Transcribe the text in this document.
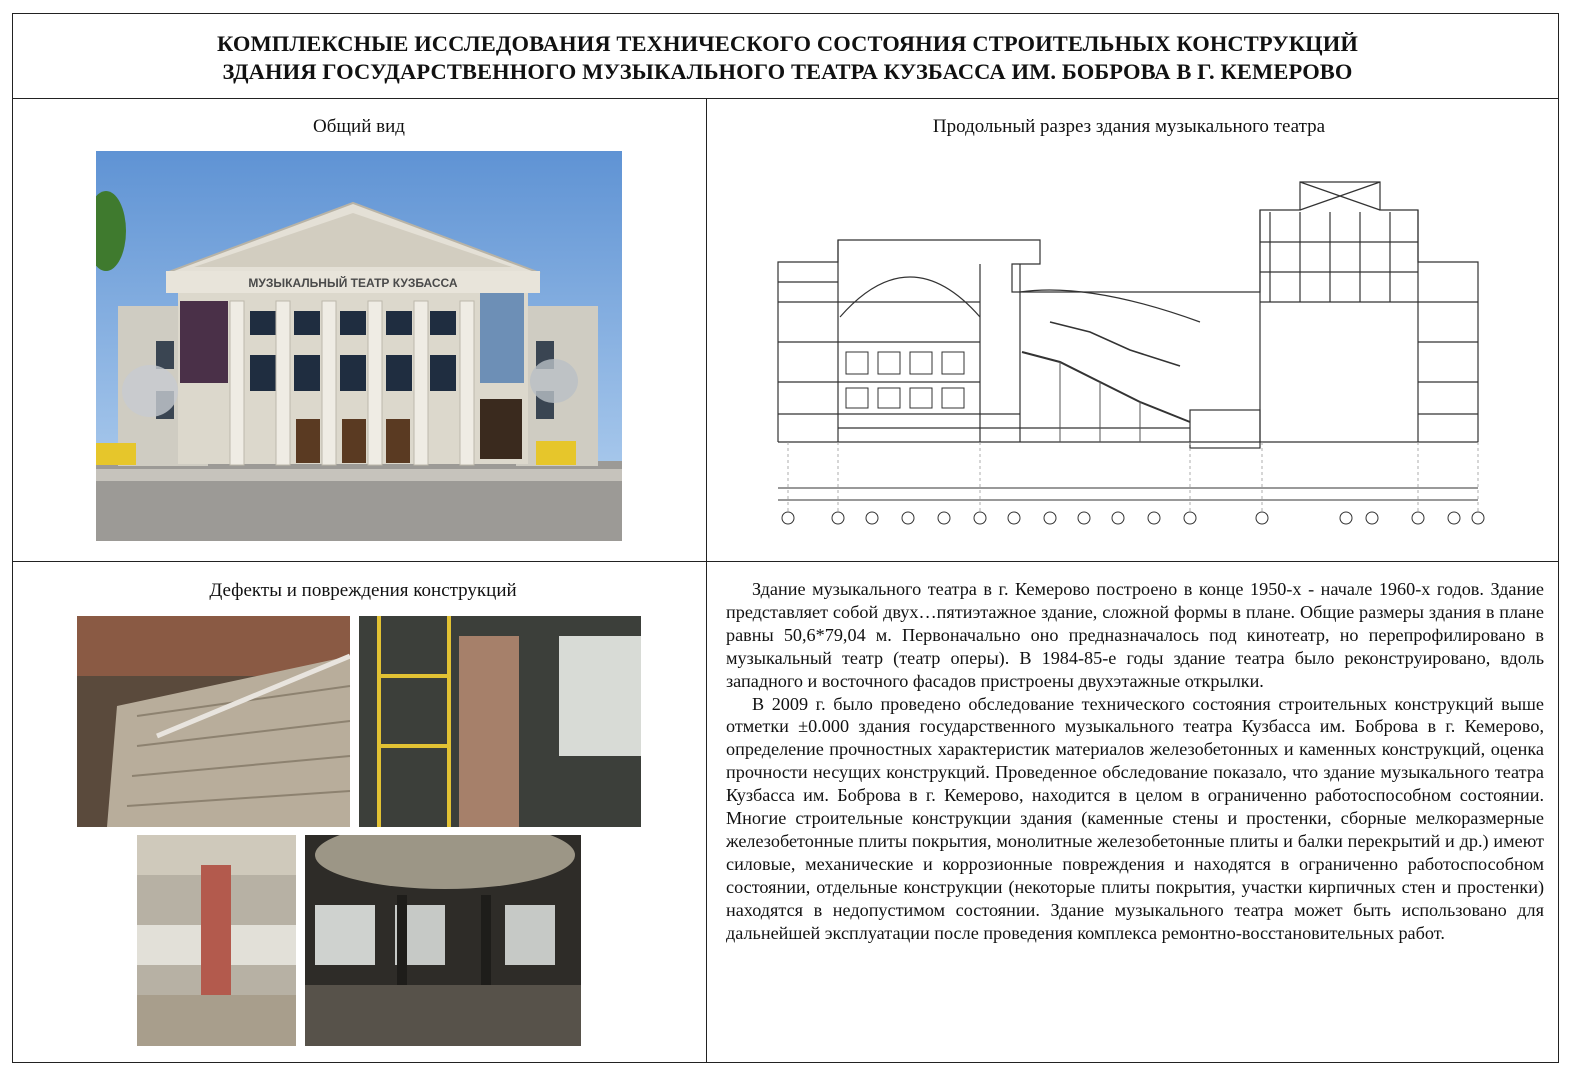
КОМПЛЕКСНЫЕ ИССЛЕДОВАНИЯ ТЕХНИЧЕСКОГО СОСТОЯНИЯ СТРОИТЕЛЬНЫХ КОНСТРУКЦИЙ
ЗДАНИЯ ГОСУДАРСТВЕННОГО МУЗЫКАЛЬНОГО ТЕАТРА КУЗБАССА ИМ. БОБРОВА В Г. КЕМЕРОВО
Общий вид	Продольный разрез здания музыкального театра
Дефекты и повреждения конструкций
МУЗЫКАЛЬНЫЙ ТЕАТР КУЗБАССА

Здание музыкального театра в г. Кемерово построено в конце 1950-х - начале 1960-х годов. Здание представляет собой двух…пятиэтажное здание, сложной формы в плане. Общие размеры здания в плане равны 50,6*79,04 м. Первоначально оно предназначалось под кинотеатр, но перепрофилировано в музыкальный театр (театр оперы). В 1984-85-е годы здание театра было реконструировано, вдоль западного и восточного фасадов пристроены двухэтажные открылки.

В 2009 г. было проведено обследование технического состояния строительных конструкций выше отметки ±0.000 здания государственного музыкального театра Кузбасса им. Боброва в г. Кемерово, определение прочностных характеристик материалов железобетонных и каменных конструкций, оценка прочности несущих конструкций. Проведенное обследование показало, что здание музыкального театра Кузбасса им. Боброва в г. Кемерово, находится в целом в ограниченно работоспособном состоянии. Многие строительные конструкции здания (каменные стены и простенки, сборные мелкоразмерные железобетонные плиты покрытия, монолитные железобетонные плиты и балки перекрытий и др.) имеют силовые, механические и коррозионные повреждения и находятся в ограниченно работоспособном состоянии, отдельные конструкции (некоторые плиты покрытия, участки кирпичных стен и простенки) находятся в недопустимом состоянии. Здание музыкального театра может быть использовано для дальнейшей эксплуатации после проведения комплекса ремонтно-восстановительных работ.
